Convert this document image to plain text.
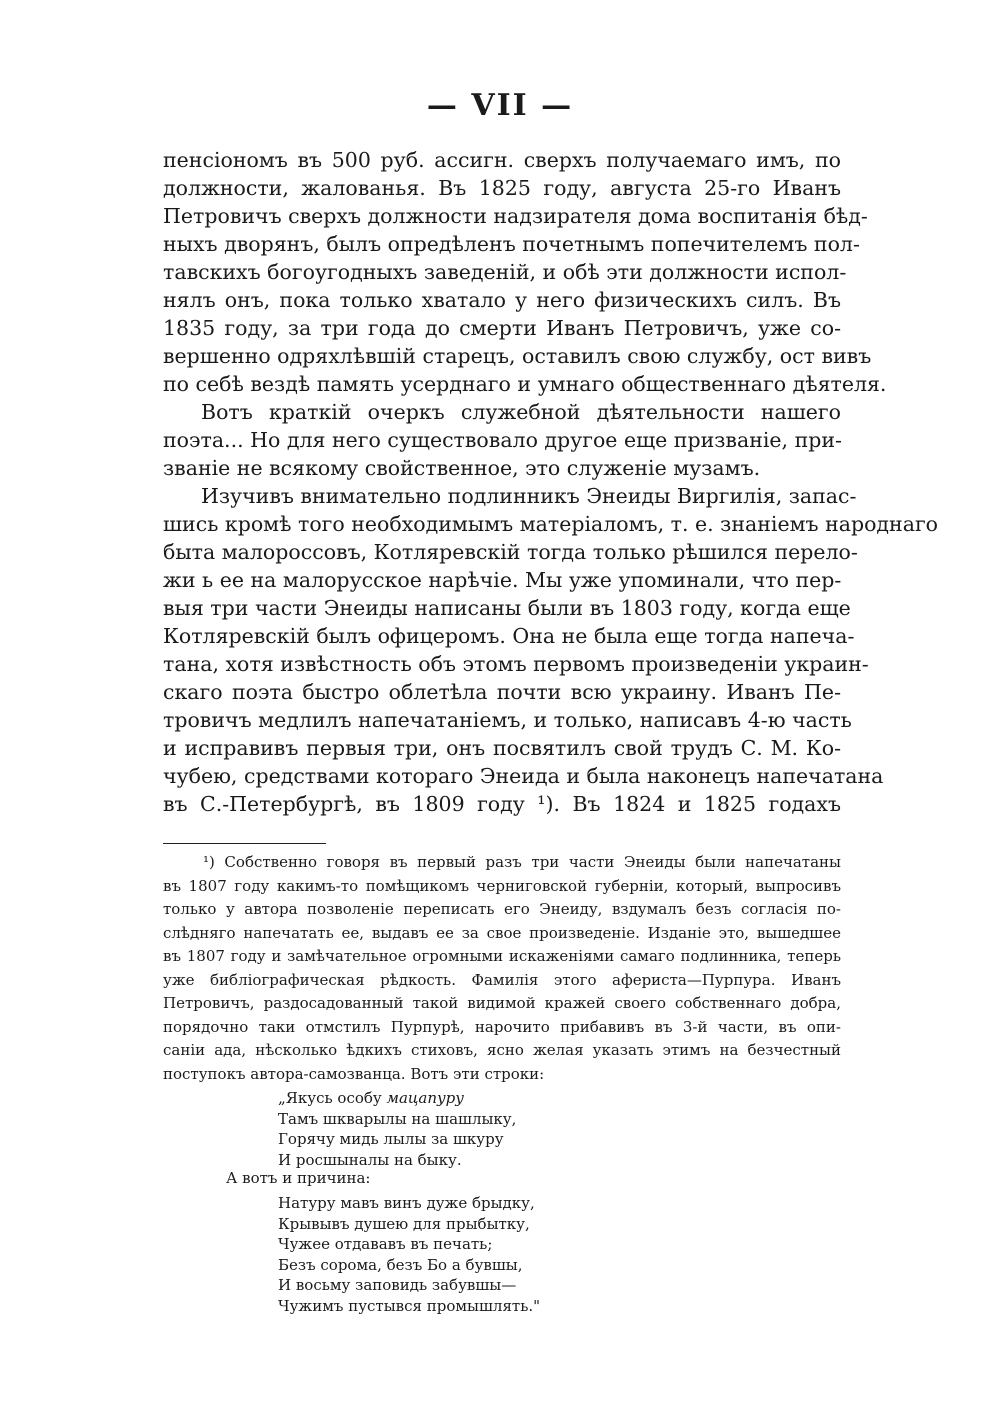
— VII —
пенсіономъ въ 500 руб. ассигн. сверхъ получаемаго имъ, по
должности, жалованья. Въ 1825 году, августа 25-го Иванъ
Петровичъ сверхъ должности надзирателя дома воспитанія бѣд-
ныхъ дворянъ, былъ опредѣленъ почетнымъ попечителемъ пол-
тавскихъ богоугодныхъ заведеній, и обѣ эти должности испол-
нялъ онъ, пока только хватало у него физическихъ силъ. Въ
1835 году, за три года до смерти Иванъ Петровичъ, уже со-
вершенно одряхлѣвшій старецъ, оставилъ свою службу, ост вивъ
по себѣ вездѣ память усерднаго и умнаго общественнаго дѣятеля.
Вотъ краткій очеркъ служебной дѣятельности нашего
поэта... Но для него существовало другое еще призваніе, при-
званіе не всякому свойственное, это служеніе музамъ.
Изучивъ внимательно подлинникъ Энеиды Виргилія, запас-
шись кромѣ того необходимымъ матеріаломъ, т. е. знаніемъ народнаго
быта малороссовъ, Котляревскій тогда только рѣшился перело-
жи ь ее на малорусское нарѣчіе. Мы уже упоминали, что пер-
выя три части Энеиды написаны были въ 1803 году, когда еще
Котляревскій былъ офицеромъ. Она не была еще тогда напеча-
тана, хотя извѣстность объ этомъ первомъ произведеніи украин-
скаго поэта быстро облетѣла почти всю украину. Иванъ Пе-
тровичъ медлилъ напечатаніемъ, и только, написавъ 4-ю часть
и исправивъ первыя три, онъ посвятилъ свой трудъ С. М. Ко-
чубею, средствами котораго Энеида и была наконецъ напечатана
въ С.-Петербургѣ, въ 1809 году ¹). Въ 1824 и 1825 годахъ
¹) Собственно говоря въ первый разъ три части Энеиды были напечатаны
въ 1807 году какимъ-то помѣщикомъ черниговской губерніи, который, выпросивъ
только у автора позволеніе переписать его Энеиду, вздумалъ безъ согласія по-
слѣдняго напечатать ее, выдавъ ее за свое произведеніе. Изданіе это, вышедшее
въ 1807 году и замѣчательное огромными искаженіями самаго подлинника, теперь
уже библіографическая рѣдкость. Фамилія этого афериста—Пурпура. Иванъ
Петровичъ, раздосадованный такой видимой кражей своего собственнаго добра,
порядочно таки отмстилъ Пурпурѣ, нарочито прибавивъ въ 3-й части, въ опи-
саніи ада, нѣсколько ѣдкихъ стиховъ, ясно желая указать этимъ на безчестный
поступокъ автора-самозванца. Вотъ эти строки:
„Якусь особу мацапуру
Тамъ шкварылы на шашлыку,
Горячу мидь лылы за шкуру
И росшыналы на быку.
А вотъ и причина:
Натуру мавъ винъ дуже брыдку,
Крывывъ душею для прыбытку,
Чужее отдававъ въ печать;
Безъ сорома, безъ Бо а бувшы,
И восьму заповидь забувшы—
Чужимъ пустывся промышлять."
